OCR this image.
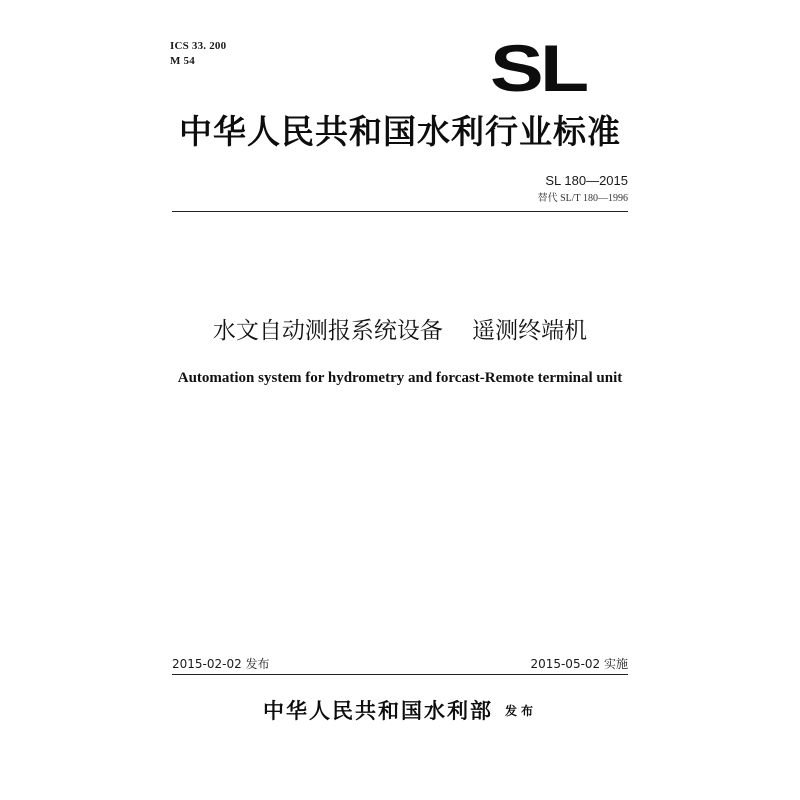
ICS 33. 200
M 54	SL
中华人民共和国水利行业标准
SL 180—2015
替代 SL/T 180—1996
水文自动测报系统设备    遥测终端机
Automation system for hydrometry and forcast-Remote terminal unit
2015-02-02 发布	2015-05-02 实施
中华人民共和国水利部 发布
